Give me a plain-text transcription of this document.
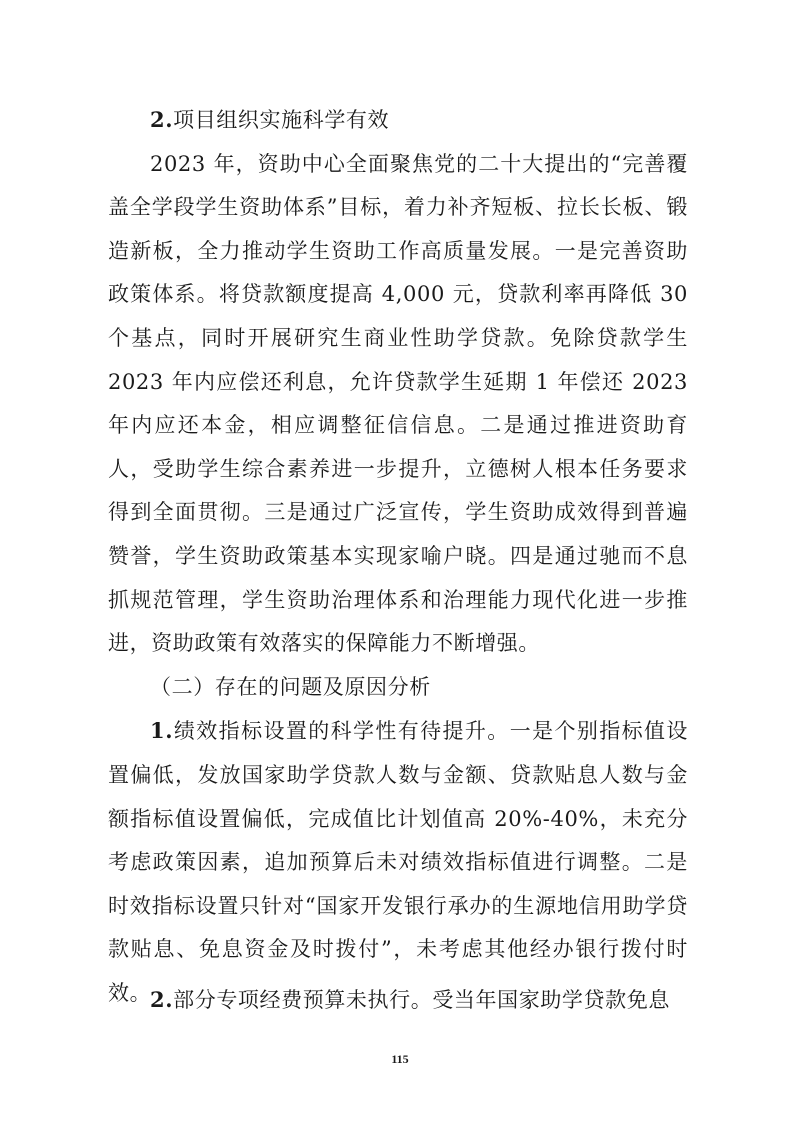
2.项目组织实施科学有效

2023 年，资助中心全面聚焦党的二十大提出的“完善覆盖全学段学生资助体系”目标，着力补齐短板、拉长长板、锻造新板，全力推动学生资助工作高质量发展。一是完善资助政策体系。将贷款额度提高 4,000 元，贷款利率再降低 30 个基点，同时开展研究生商业性助学贷款。免除贷款学生 2023 年内应偿还利息，允许贷款学生延期 1 年偿还 2023 年内应还本金，相应调整征信信息。二是通过推进资助育人，受助学生综合素养进一步提升，立德树人根本任务要求得到全面贯彻。三是通过广泛宣传，学生资助成效得到普遍赞誉，学生资助政策基本实现家喻户晓。四是通过驰而不息抓规范管理，学生资助治理体系和治理能力现代化进一步推进，资助政策有效落实的保障能力不断增强。

（二）存在的问题及原因分析

1.绩效指标设置的科学性有待提升。一是个别指标值设置偏低，发放国家助学贷款人数与金额、贷款贴息人数与金额指标值设置偏低，完成值比计划值高 20%-40%，未充分考虑政策因素，追加预算后未对绩效指标值进行调整。二是时效指标设置只针对“国家开发银行承办的生源地信用助学贷款贴息、免息资金及时拨付”，未考虑其他经办银行拨付时效。

2.部分专项经费预算未执行。受当年国家助学贷款免息

115
